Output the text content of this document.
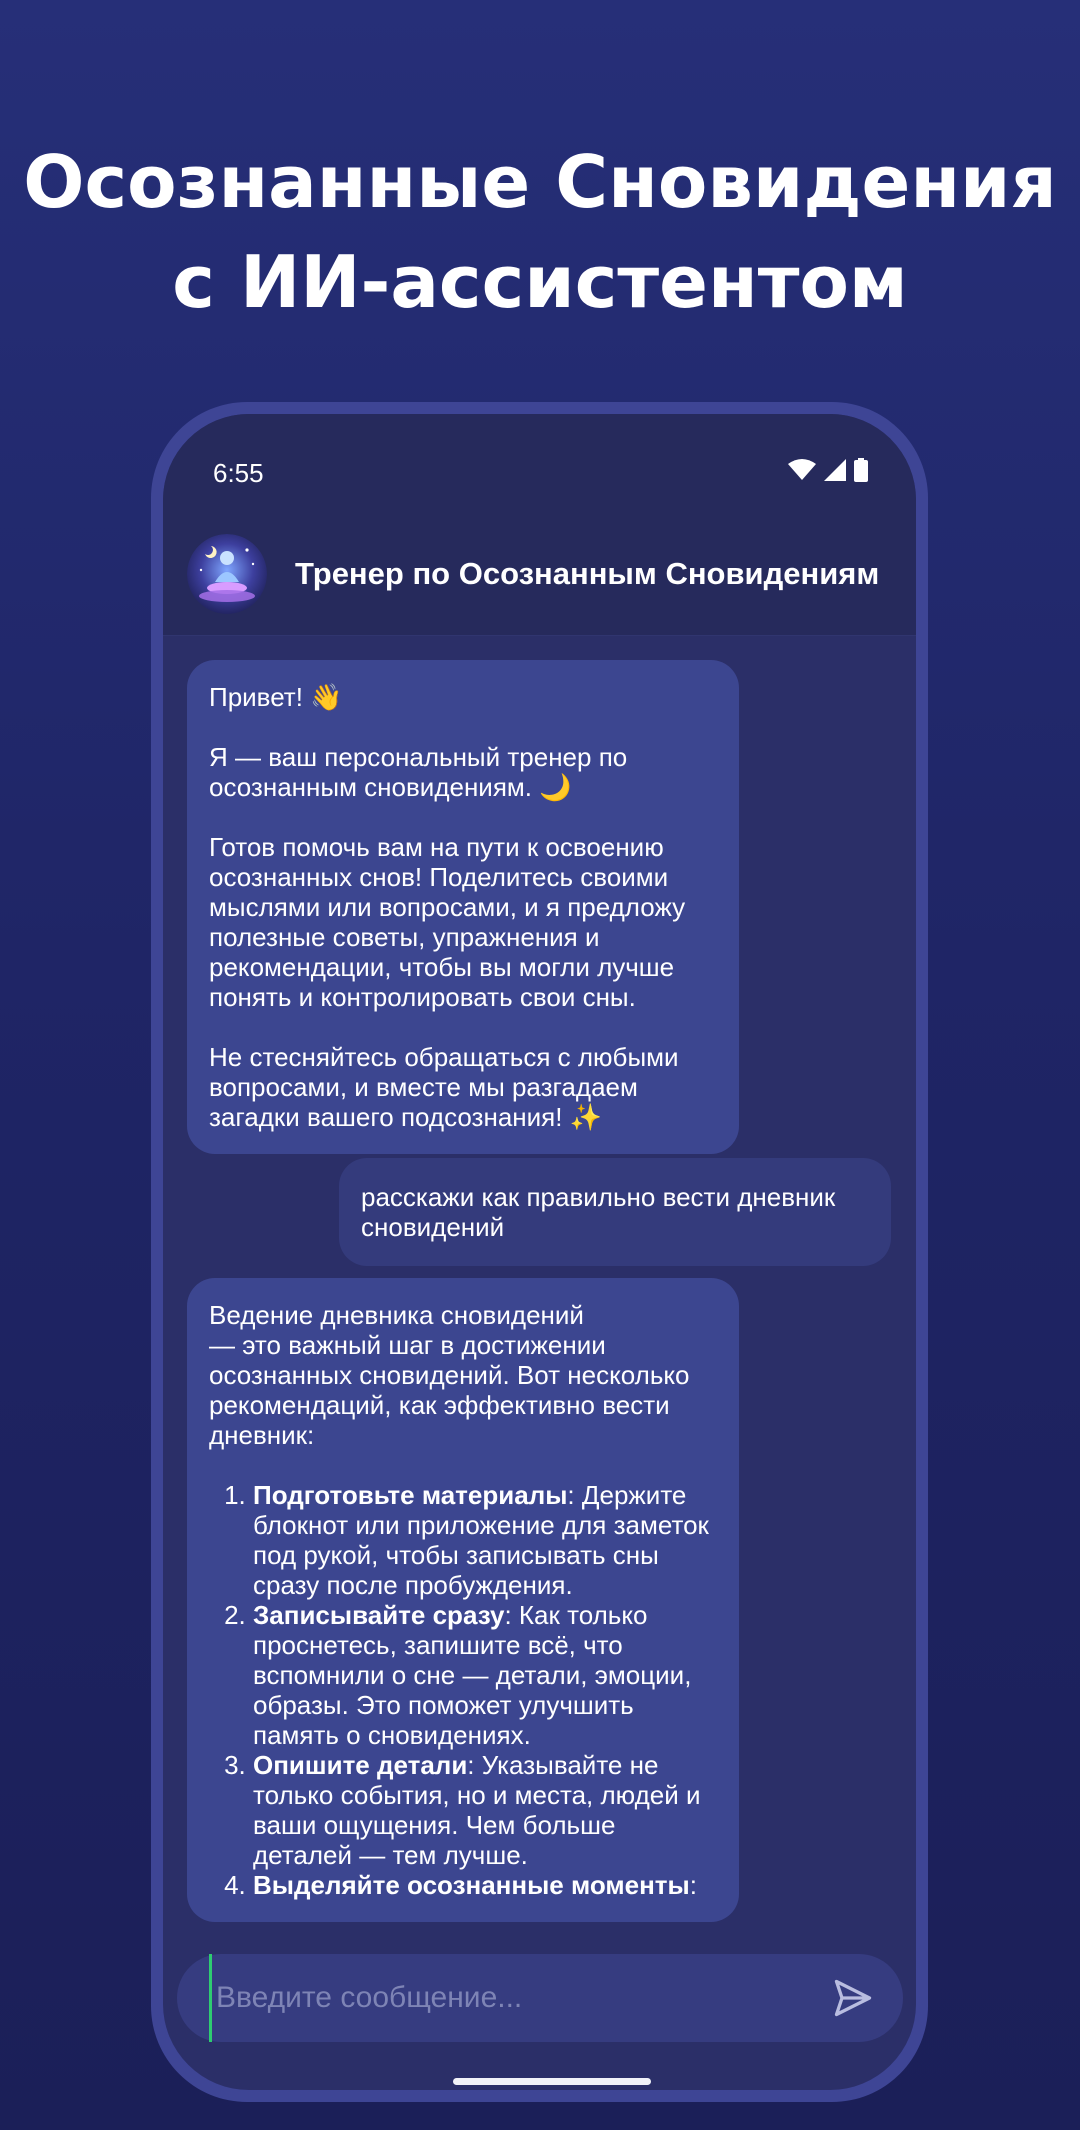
Осознанные Сновидения
с ИИ-ассистентом
6:55
Тренер по Осознанным Сновидениям

Привет! 👋

Я — ваш персональный тренер по
осознанным сновидениям. 🌙

Готов помочь вам на пути к освоению
осознанных снов! Поделитесь своими
мыслями или вопросами, и я предложу
полезные советы, упражнения и
рекомендации, чтобы вы могли лучше
понять и контролировать свои сны.

Не стесняйтесь обращаться с любыми
вопросами, и вместе мы разгадаем
загадки вашего подсознания! ✨

расскажи как правильно вести дневник
сновидений

Ведение дневника сновидений
— это важный шаг в достижении
осознанных сновидений. Вот несколько
рекомендаций, как эффективно вести
дневник:

1. Подготовьте материалы: Держите блокнот или приложение для заметок под рукой, чтобы записывать сны сразу после пробуждения.
2. Записывайте сразу: Как только проснетесь, запишите всё, что вспомнили о сне — детали, эмоции, образы. Это поможет улучшить память о сновидениях.
3. Опишите детали: Указывайте не только события, но и места, людей и ваши ощущения. Чем больше деталей — тем лучше.
4. Выделяйте осознанные моменты:
Введите сообщение...
